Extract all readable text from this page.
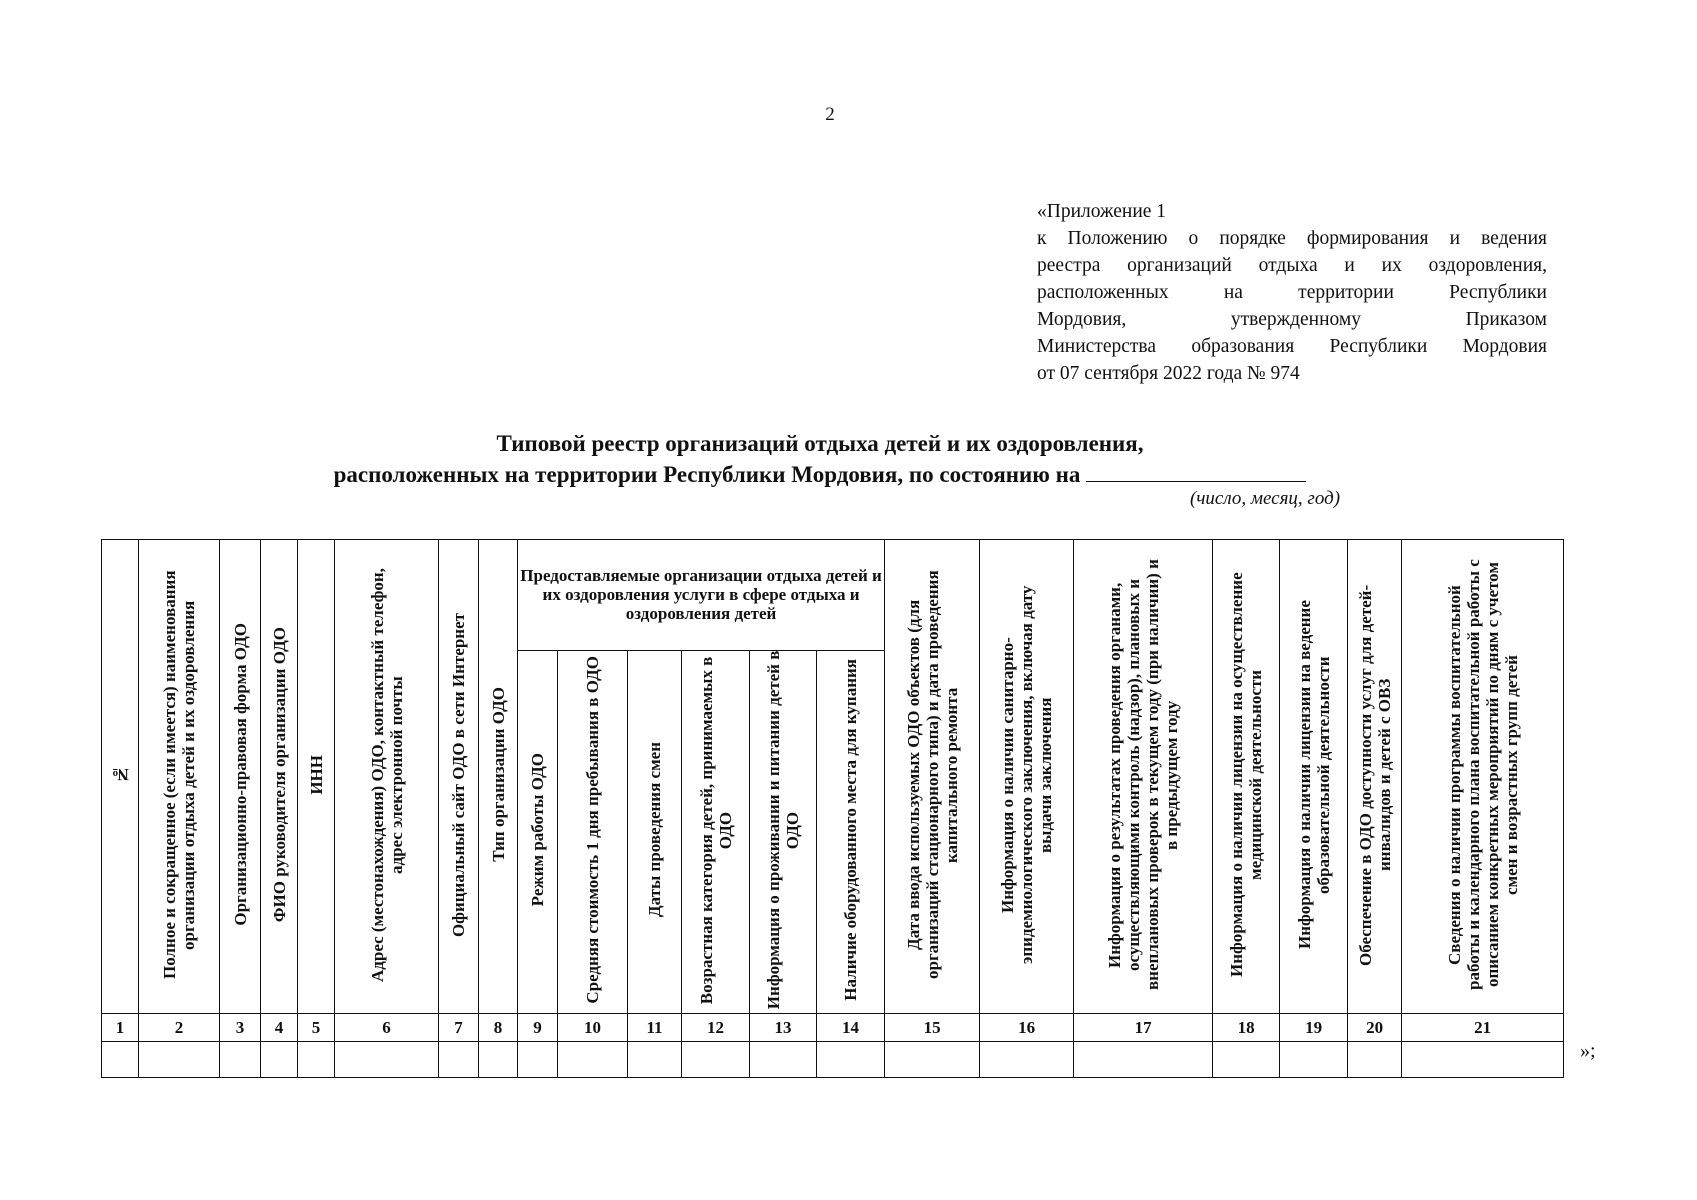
2
«Приложение 1
к Положению о порядке формирования и ведения
реестра организаций отдыха и их оздоровления,
расположенных на территории Республики
Мордовия, утвержденному Приказом
Министерства образования Республики Мордовия
от 07 сентября 2022 года № 974
Типовой реестр организаций отдыха детей и их оздоровления,
расположенных на территории Республики Мордовия, по состоянию на
(число, месяц, год)
№	Полное и сокращенное (если имеется) наименования организации отдыха детей и их оздоровления	Организационно-правовая форма ОДО	ФИО руководителя организации ОДО	ИНН	Адрес (местонахождения) ОДО, контактный телефон, адрес электронной почты	Официальный сайт ОДО в сети Интернет	Тип организации ОДО	Предоставляемые организации отдыха детей и их оздоровления услуги в сфере отдыха и оздоровления детей						Дата ввода используемых ОДО объектов (для организаций стационарного типа) и дата проведения капитального ремонта	Информация о наличии санитарно-эпидемиологического заключения, включая дату выдачи заключения	Информация о результатах проведения органами, осуществляющими контроль (надзор), плановых и внеплановых проверок в текущем году (при наличии) и в предыдущем году	Информация о наличии лицензии на осуществление медицинской деятельности	Информация о наличии лицензии на ведение образовательной деятельности	Обеспечение в ОДО доступности услуг для детей-инвалидов и детей с ОВЗ	Сведения о наличии программы воспитательной работы и календарного плана воспитательной работы с описанием конкретных мероприятий по дням с учетом смен и возрастных групп детей
								Режим работы ОДО	Средняя стоимость 1 дня пребывания в ОДО	Даты проведения смен	Возрастная категория детей, принимаемых в ОДО	Информация о проживании и питании детей в ОДО	Наличие оборудованного места для купания							
1	2	3	4	5	6	7	8	9	10	11	12	13	14	15	16	17	18	19	20	21

»;
